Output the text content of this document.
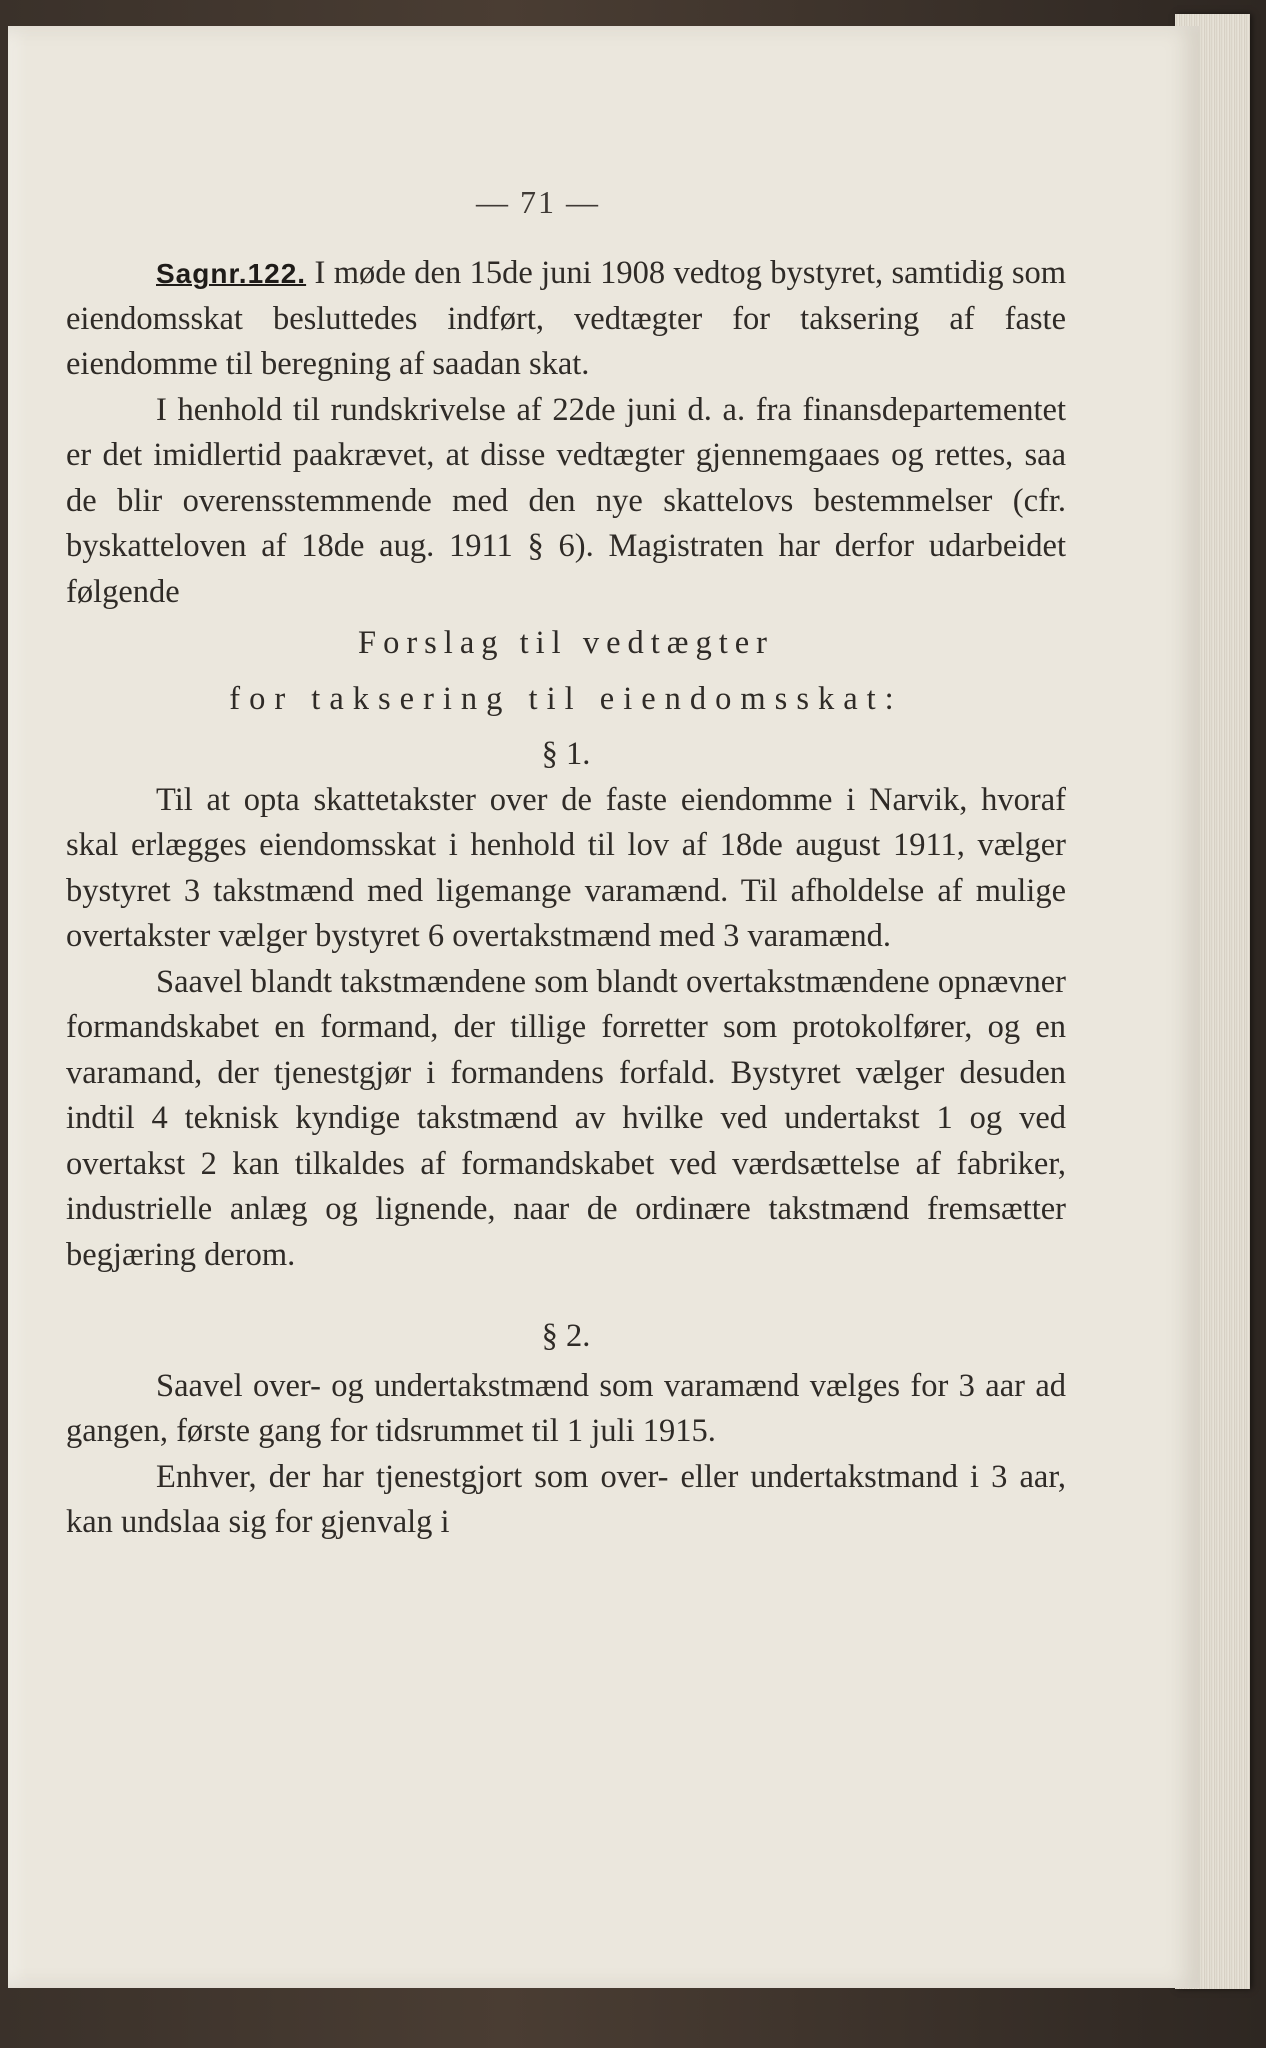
— 71 —

Sagnr.122. I møde den 15de juni 1908 vedtog bystyret, samtidig som eiendomsskat besluttedes indført, vedtægter for taksering af faste eiendomme til beregning af saadan skat.

I henhold til rundskrivelse af 22de juni d. a. fra finansdepartementet er det imidlertid paakrævet, at disse vedtægter gjennemgaaes og rettes, saa de blir overensstemmende med den nye skattelovs bestemmelser (cfr. byskatteloven af 18de aug. 1911 § 6). Magistraten har derfor udarbeidet følgende

Forslag til vedtægter

for taksering til eiendomsskat:

§ 1.

Til at opta skattetakster over de faste eiendomme i Narvik, hvoraf skal erlægges eiendomsskat i henhold til lov af 18de august 1911, vælger bystyret 3 takstmænd med ligemange varamænd. Til afholdelse af mulige overtakster vælger bystyret 6 overtakstmænd med 3 varamænd.

Saavel blandt takstmændene som blandt overtakstmændene opnævner formandskabet en formand, der tillige forretter som protokolfører, og en varamand, der tjenestgjør i formandens forfald. Bystyret vælger desuden indtil 4 teknisk kyndige takstmænd av hvilke ved undertakst 1 og ved overtakst 2 kan tilkaldes af formandskabet ved værdsættelse af fabriker, industrielle anlæg og lignende, naar de ordinære takstmænd fremsætter begjæring derom.

§ 2.

Saavel over- og undertakstmænd som varamænd vælges for 3 aar ad gangen, første gang for tidsrummet til 1 juli 1915.

Enhver, der har tjenestgjort som over- eller undertakstmand i 3 aar, kan undslaa sig for gjenvalg i
